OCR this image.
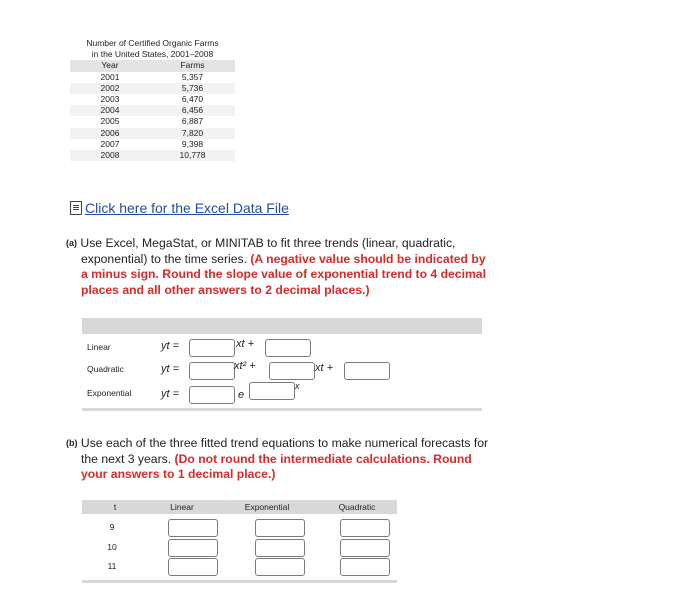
Number of Certified Organic Farms
in the United States, 2001–2008
Year	Farms
2001	5,357
2002	5,736
2003	6,470
2004	6,456
2005	6,887
2006	7,820
2007	9,398
2008	10,778
Click here for the Excel Data File
$^{(a)}$ Use Excel, MegaStat, or MINITAB to fit three trends (linear, quadratic,
exponential) to the time series. (A negative value should be indicated by
a minus sign. Round the slope value of exponential trend to 4 decimal
places and all other answers to 2 decimal places.)
Linear	yt =	xt +
Quadratic	yt =	xt² +	xt +
Exponential	yt =	e
x
$^{(b)}$ Use each of the three fitted trend equations to make numerical forecasts for
the next 3 years. (Do not round the intermediate calculations. Round
your answers to 1 decimal place.)
t	Linear	Exponential	Quadratic
9
10
11
